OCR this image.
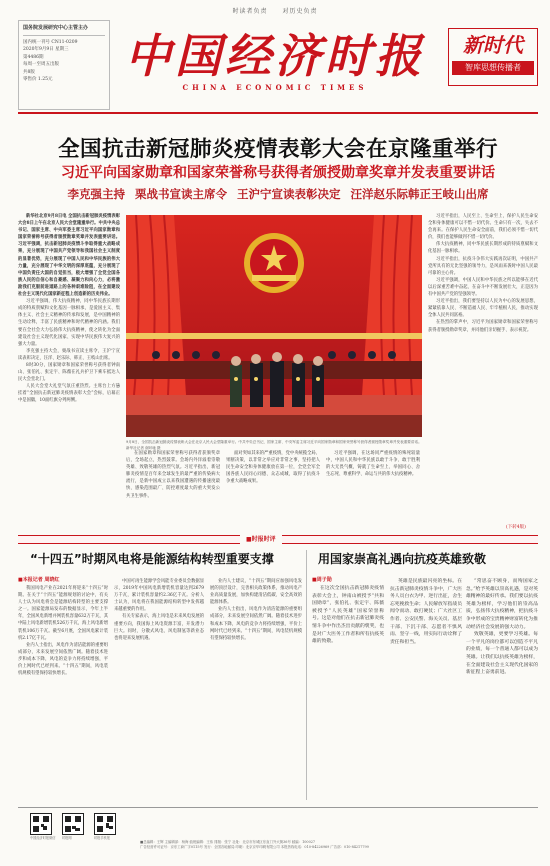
时读者负责 对历史负责
国务院发展研究中心主管主办
国内统一刊号 CN11-0209
2020年9月9日 星期三
第4486期
每周一至周五出版
共8版
零售价 1.25元	中国经济时报
CHINA ECONOMIC TIMES
新时代
智库思想传播者
全国抗击新冠肺炎疫情表彰大会在京隆重举行
习近平向国家勋章和国家荣誉称号获得者颁授勋章奖章并发表重要讲话
李克强主持 栗战书宣读主席令 王沪宁宣读表彰决定 汪洋赵乐际韩正王岐山出席

新华社北京9月8日电 全国抗击新冠肺炎疫情表彰大会8日上午在北京人民大会堂隆重举行。中共中央总书记、国家主席、中央军委主席习近平向国家勋章和国家荣誉称号获得者颁授勋章奖章并发表重要讲话。习近平强调，抗击新冠肺炎疫情斗争取得重大战略成果，充分展现了中国共产党领导和我国社会主义制度的显著优势，充分展现了中国人民和中华民族的伟大力量，充分展现了中华文明的深厚底蕴，充分展现了中国负责任大国的自觉担当，极大增强了全党全国各族人民的自信心和自豪感、凝聚力和向心力，必将激励我们克服前进道路上的各种艰难险阻，在全面建设社会主义现代化国家新征程上创造新的历史伟业。

习近平强调，伟大抗疫精神，同中华民族长期形成的特质禀赋和文化基因一脉相承，是爱国主义、集体主义、社会主义精神的传承和发展，是中国精神的生动诠释，丰富了民族精神和时代精神的内涵。我们要在全社会大力弘扬伟大抗疫精神，使之转化为全面建设社会主义现代化国家、实现中华民族伟大复兴的强大力量。

李克强主持大会，栗战书宣读主席令，王沪宁宣读表彰决定，汪洋、赵乐际、韩正、王岐山出席。

8时30分，国家勋章和国家荣誉称号获得者钟南山、张伯礼、张定宇、陈薇在礼兵护卫下乘车抵达人民大会堂北门。

人民大会堂大礼堂气氛庄重热烈。主席台上方悬挂着“全国抗击新冠肺炎疫情表彰大会”会标，后幕正中是国徽，10面红旗分列两侧。

9月8日，全国抗击新冠肺炎疫情表彰大会在北京人民大会堂隆重举行。中共中央总书记、国家主席、中央军委主席习近平向国家勋章和国家荣誉称号获得者颁授勋章奖章并发表重要讲话。 新华社记者 谢环驰 摄

在国家勋章和国家荣誉称号获得者获颁奖章后，全场起立，热烈鼓掌。会场内外洋溢着崇敬英雄、致敬英雄的热烈气氛。习近平指出，新冠肺炎疫情是百年来全球发生的最严重的传染病大流行，是新中国成立以来我国遭遇的传播速度最快、感染范围最广、防控难度最大的重大突发公共卫生事件。

面对突如其来的严重疫情，党中央统揽全局、果断决策，以非常之举应对非常之事，坚持把人民生命安全和身体健康放在第一位，全党全军全国各族人民同心同德、众志成城，取得了抗疫斗争重大战略成果。

习近平强调，在这场同严重疫情的殊死较量中，中国人民和中华民族以敢于斗争、敢于胜利的大无畏气概，铸就了生命至上、举国同心、舍生忘死、尊重科学、命运与共的伟大抗疫精神。

习近平指出，人民至上、生命至上，保护人民生命安全和身体健康可以不惜一切代价。生命只有一次，失去不会再来。在保护人民生命安全面前，我们必须不惜一切代价，我们也能够做到不惜一切代价。

伟大抗疫精神，同中华民族长期形成的特质禀赋和文化基因一脉相承。

习近平指出，抗疫斗争伟大实践再次证明，中国共产党所具有的无比坚强的领导力，是风雨来袭时中国人民最可靠的主心骨。

习近平强调，中国人民和中华民族之所以能够在近代以后深重苦难中奋起、在奋斗中不断发展壮大，正是因为有中国共产党的坚强领导。

习近平指出，我们要坚持以人民为中心的发展思想，紧紧依靠人民、不断造福人民、牢牢植根人民，推动实现全体人民共同富裕。

在热烈的掌声中，习近平为国家勋章和国家荣誉称号获得者颁授勋章奖章，并同他们亲切握手、表示祝贺。

(下转4版)
■时报时评
“十四五”时期风电将是能源结构转型重要支撑	用国家崇高礼遇向抗疫英雄致敬
■本报记者 周晓红

我国风电产业在2021年将迎来“十四五”时期。在关于“十四五”能源规划的讨论中，有关人士认为风电将会是能源结构转型的主要支撑之一。国家能源局发布的数据显示，今年上半年，全国风电新增并网装机容量632万千瓦，其中陆上风电新增装机526万千瓦，海上风电新增装机106万千瓦。截至6月底，全国风电累计装机2.17亿千瓦。

业内人士指出，风电作为清洁能源的重要组成部分，未来发展空间依然广阔。随着技术进步和成本下降，风电的竞争力将持续增强，平价上网时代已经到来。“十四五”期间，风电装机规模有望保持较快增长。

中国可再生能源学会风能专业委员会数据显示，2019年中国风电新增装机容量达到2679万千瓦，累计装机容量约2.36亿千瓦。分析人士认为，风电将在我国能源结构转型中发挥越来越重要的作用。

有关专家表示，海上风电是未来风电发展的重要方向，我国海上风电资源丰富，开发潜力巨大。同时，分散式风电、风电制氢等新业态也将迎来发展机遇。

业内人士建议，“十四五”期间应加强风电发展的顶层设计，完善相关政策体系，推动风电产业高质量发展，加快构建清洁低碳、安全高效的能源体系。

业内人士指出，风电作为清洁能源的重要组成部分，未来发展空间依然广阔。随着技术进步和成本下降，风电的竞争力将持续增强，平价上网时代已经到来。“十四五”期间，风电装机规模有望保持较快增长。

■周子勋

在这次全国抗击新冠肺炎疫情表彰大会上，钟南山被授予“共和国勋章”，张伯礼、张定宇、陈薇被授予“人民英雄”国家荣誉称号。这是对他们在抗击新冠肺炎疫情斗争中作出杰出贡献的褒奖，也是对广大医务工作者和所有抗疫英雄的致敬。

英雄是民族最闪亮的坐标。在抗击新冠肺炎疫情斗争中，广大医务人员白衣为甲、逆行出征，舍生忘死挽救生命；人民解放军指战员闻令而动、敢打硬仗；广大社区工作者、公安民警、海关关员、基层干部、下沉干部、志愿者不惧风雨、坚守一线，用实际行动诠释了责任和担当。

“常思奋不顾身，而殉国家之急。”给予英雄以崇高礼遇，是对英雄精神的最好传承。我们要以抗疫英雄为榜样，学习他们的崇高品质，弘扬伟大抗疫精神，把抗疫斗争中形成的宝贵精神财富转化为推动经济社会发展的强大动力。

致敬英雄，更要学习英雄。每一个平凡的岗位都可以创造不平凡的业绩，每一个普通人都可以成为英雄。让我们以抗疫英雄为榜样，在全面建设社会主义现代化国家的新征程上奋勇前进。

中国经济时报微信	时报网	时报手机报
■总编辑：王辉 主编辑部：杨海 值班编辑：王伟 排版：张宁 社址：北京市东城区东直门外大街36号 邮编：100027
广告经营许可证号：京东工商广字0115号 发行：全国各地邮局 印刷：北京京华印刷有限公司 本报热线电话：010-84226969 广告部：010-84217799
